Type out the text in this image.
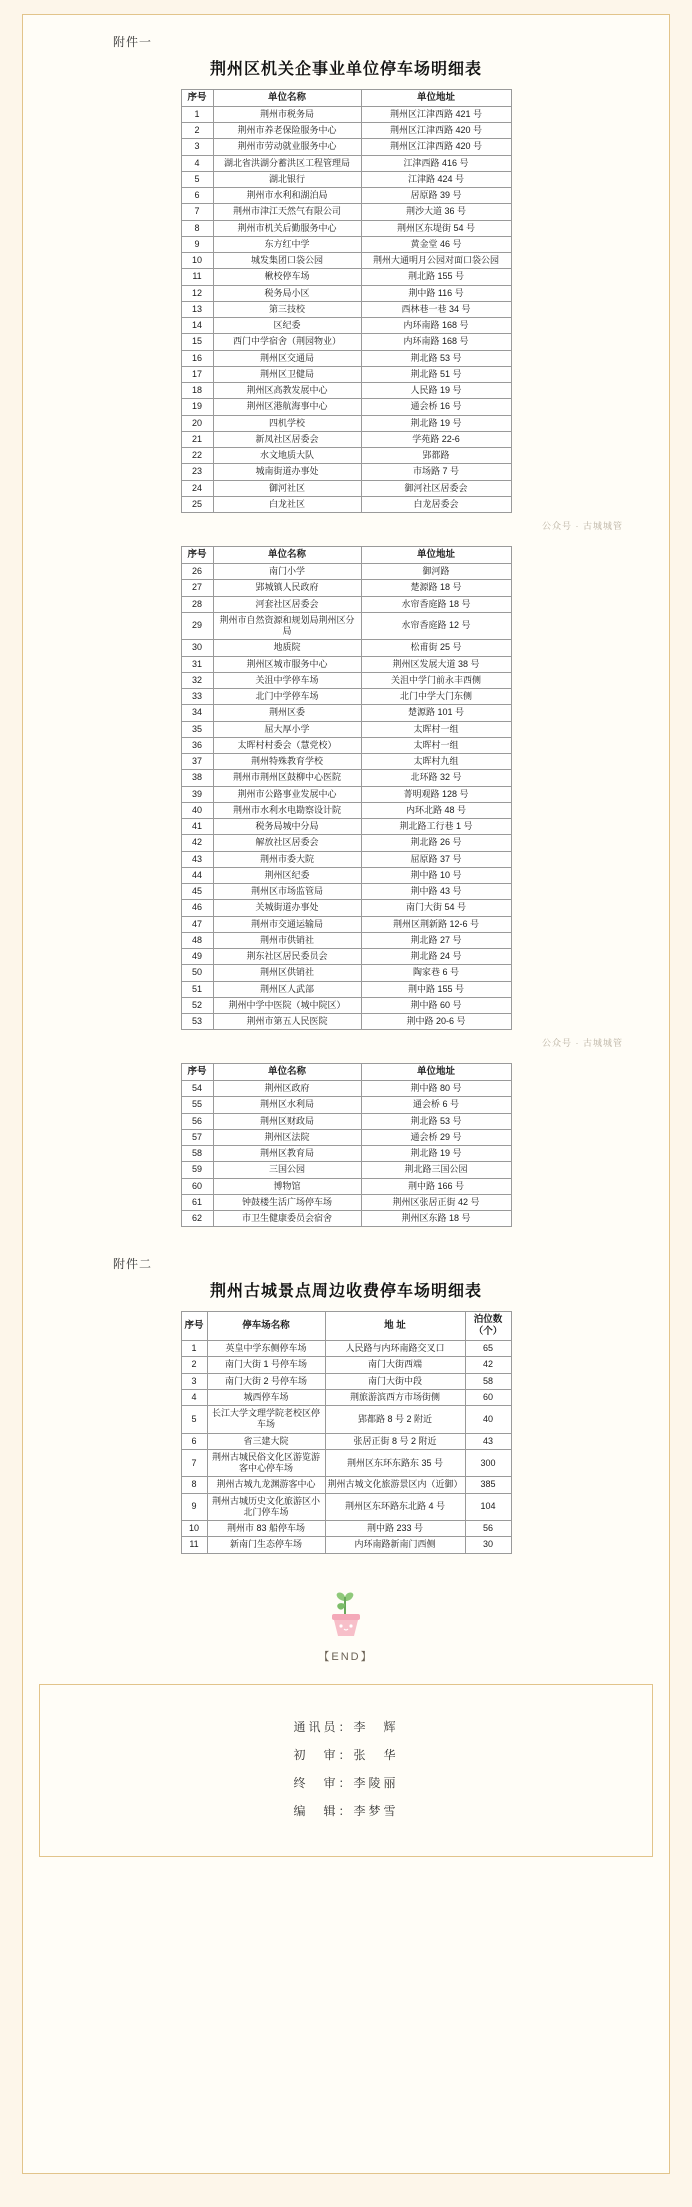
附件一
荆州区机关企事业单位停车场明细表
序号	单位名称	单位地址
1	荆州市税务局	荆州区江津西路 421 号
2	荆州市养老保险服务中心	荆州区江津西路 420 号
3	荆州市劳动就业服务中心	荆州区江津西路 420 号
4	湖北省洪湖分蓄洪区工程管理局	江津西路 416 号
5	湖北银行	江津路 424 号
6	荆州市水利和湖泊局	居原路 39 号
7	荆州市津江天然气有限公司	荆沙大道 36 号
8	荆州市机关后勤服务中心	荆州区东堤街 54 号
9	东方红中学	黄金堂 46 号
10	城发集团口袋公园	荆州大通明月公园对面口袋公园
11	楸校停车场	荆北路 155 号
12	税务局小区	荆中路 116 号
13	第三技校	西林巷一巷 34 号
14	区纪委	内环南路 168 号
15	西门中学宿舍（荆园物业）	内环南路 168 号
16	荆州区交通局	荆北路 53 号
17	荆州区卫健局	荆北路 51 号
18	荆州区高教发展中心	人民路 19 号
19	荆州区港航海事中心	通会桥 16 号
20	四机学校	荆北路 19 号
21	新凤社区居委会	学苑路 22-6
22	水文地质大队	郢都路
23	城南街道办事处	市场路 7 号
24	御河社区	御河社区居委会
25	白龙社区	白龙居委会
公众号 · 古城城管
序号	单位名称	单位地址
26	南门小学	御河路
27	郢城镇人民政府	楚源路 18 号
28	河套社区居委会	水帘香庭路 18 号
29	荆州市自然资源和规划局荆州区分局	水帘香庭路 12 号
30	地质院	松甫街 25 号
31	荆州区城市服务中心	荆州区发展大道 38 号
32	关沮中学停车场	关沮中学门前永丰西侧
33	北门中学停车场	北门中学大门东侧
34	荆州区委	楚源路 101 号
35	屈大厚小学	太晖村一组
36	太晖村村委会（慧党校）	太晖村一组
37	荆州特殊教育学校	太晖村九组
38	荆州市荆州区鼓柳中心医院	北环路 32 号
39	荆州市公路事业发展中心	菁明观路 128 号
40	荆州市水利水电勘察设计院	内环北路 48 号
41	税务局城中分局	荆北路工行巷 1 号
42	解放社区居委会	荆北路 26 号
43	荆州市委大院	屈原路 37 号
44	荆州区纪委	荆中路 10 号
45	荆州区市场监管局	荆中路 43 号
46	关城街道办事处	南门大街 54 号
47	荆州市交通运输局	荆州区荆新路 12-6 号
48	荆州市供销社	荆北路 27 号
49	荆东社区居民委员会	荆北路 24 号
50	荆州区供销社	陶家巷 6 号
51	荆州区人武部	荆中路 155 号
52	荆州中学中医院（城中院区）	荆中路 60 号
53	荆州市第五人民医院	荆中路 20-6 号
公众号 · 古城城管
序号	单位名称	单位地址
54	荆州区政府	荆中路 80 号
55	荆州区水利局	通会桥 6 号
56	荆州区财政局	荆北路 53 号
57	荆州区法院	通会桥 29 号
58	荆州区教育局	荆北路 19 号
59	三国公园	荆北路三国公园
60	博物馆	荆中路 166 号
61	钟鼓楼生活广场停车场	荆州区张居正街 42 号
62	市卫生健康委员会宿舍	荆州区东路 18 号
附件二
荆州古城景点周边收费停车场明细表
序号	停车场名称	地 址	泊位数（个）
1	英皇中学东侧停车场	人民路与内环南路交叉口	65
2	南门大街 1 号停车场	南门大街西端	42
3	南门大街 2 号停车场	南门大街中段	58
4	城西停车场	荆旅游滨西方市场街侧	60
5	长江大学文理学院老校区停车场	郢都路 8 号 2 附近	40
6	省三建大院	张居正街 8 号 2 附近	43
7	荆州古城民俗文化区游览游客中心停车场	荆州区东环东路东 35 号	300
8	荆州古城九龙渊游客中心	荆州古城文化旅游景区内（近御）	385
9	荆州古城历史文化旅游区小北门停车场	荆州区东环路东北路 4 号	104
10	荆州市 83 船停车场	荆中路 233 号	56
11	新南门生态停车场	内环南路新南门西侧	30
【END】
通讯员：李　辉
初　审：张　华
终　审：李陵丽
编　辑：李梦雪
